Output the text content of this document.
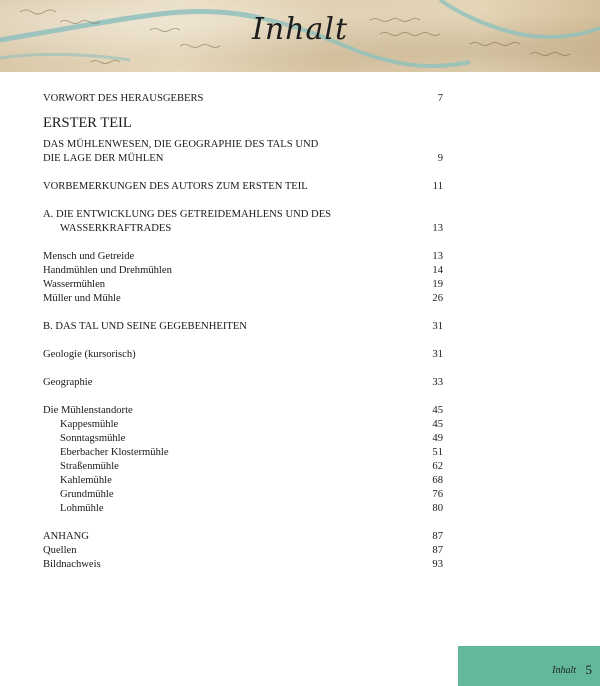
Inhalt
VORWORT DES HERAUSGEBERS	7
ERSTER TEIL
DAS MÜHLENWESEN, DIE GEOGRAPHIE DES TALS UND
DIE LAGE DER MÜHLEN	9
VORBEMERKUNGEN DES AUTORS ZUM ERSTEN TEIL	11
A. DIE ENTWICKLUNG DES GETREIDEMAHLENS UND DES
WASSERKRAFTRADES	13
Mensch und Getreide	13
Handmühlen und Drehmühlen	14
Wassermühlen	19
Müller und Mühle	26
B. DAS TAL UND SEINE GEGEBENHEITEN	31
Geologie (kursorisch)	31
Geographie	33
Die Mühlenstandorte	45
Kappesmühle	45
Sonntagsmühle	49
Eberbacher Klostermühle	51
Straßenmühle	62
Kahlemühle	68
Grundmühle	76
Lohmühle	80
ANHANG	87
Quellen	87
Bildnachweis	93
Inhalt 5
